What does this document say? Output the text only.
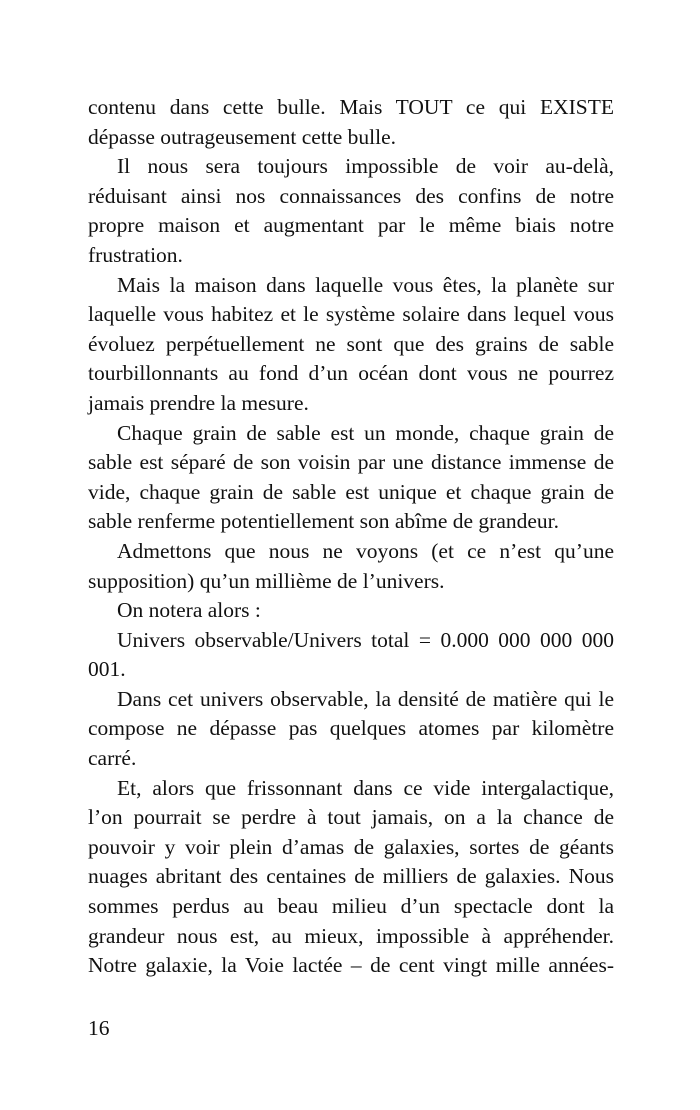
contenu dans cette bulle. Mais TOUT ce qui EXISTE dépasse outrageusement cette bulle.

Il nous sera toujours impossible de voir au-delà, réduisant ainsi nos connaissances des confins de notre propre maison et augmentant par le même biais notre frustration.

Mais la maison dans laquelle vous êtes, la planète sur laquelle vous habitez et le système solaire dans lequel vous évoluez perpétuellement ne sont que des grains de sable tourbillonnants au fond d’un océan dont vous ne pourrez jamais prendre la mesure.

Chaque grain de sable est un monde, chaque grain de sable est séparé de son voisin par une distance immense de vide, chaque grain de sable est unique et chaque grain de sable renferme potentiellement son abîme de grandeur.

Admettons que nous ne voyons (et ce n’est qu’une supposition) qu’un millième de l’univers.

On notera alors :

Univers observable/Univers total = 0.000 000 000 000 001.

Dans cet univers observable, la densité de matière qui le compose ne dépasse pas quelques atomes par kilomètre carré.

Et, alors que frissonnant dans ce vide intergalactique, l’on pourrait se perdre à tout jamais, on a la chance de pouvoir y voir plein d’amas de galaxies, sortes de géants nuages abritant des centaines de milliers de galaxies. Nous sommes perdus au beau milieu d’un spectacle dont la grandeur nous est, au mieux, impossible à appréhender. Notre galaxie, la Voie lactée – de cent vingt mille années-

16
